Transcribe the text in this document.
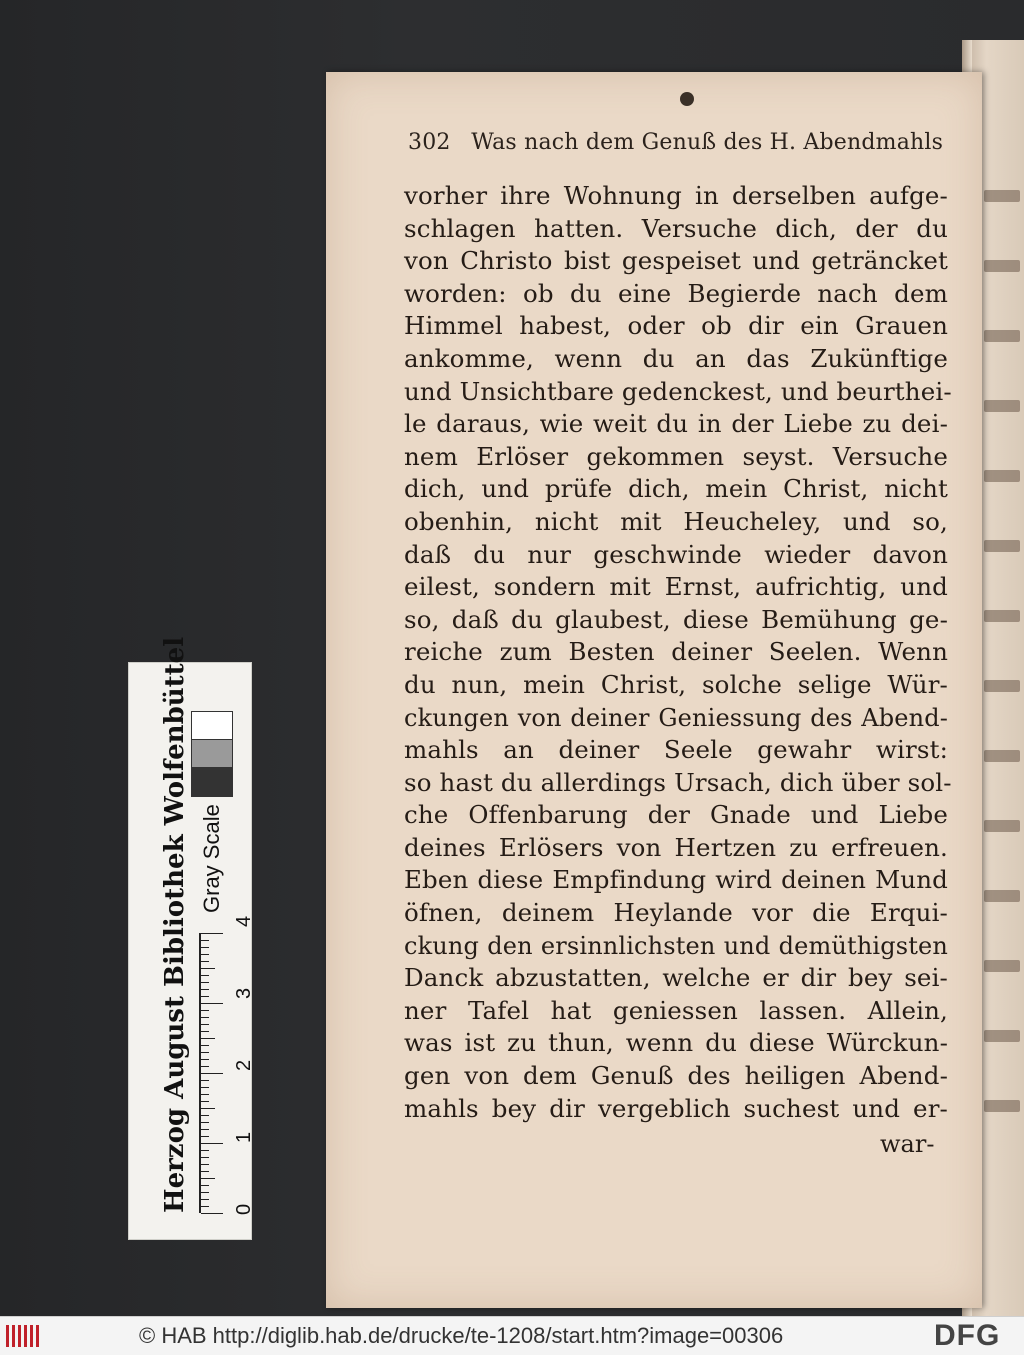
302 Was nach dem Genuß des H. Abendmahls
vorher ihre Wohnung in derselben aufge-
schlagen hatten. Versuche dich, der du
von Christo bist gespeiset und geträncket
worden: ob du eine Begierde nach dem
Himmel habest, oder ob dir ein Grauen
ankomme, wenn du an das Zukünftige
und Unsichtbare gedenckest, und beurthei-
le daraus, wie weit du in der Liebe zu dei-
nem Erlöser gekommen seyst. Versuche
dich, und prüfe dich, mein Christ, nicht
obenhin, nicht mit Heucheley, und so,
daß du nur geschwinde wieder davon
eilest, sondern mit Ernst, aufrichtig, und
so, daß du glaubest, diese Bemühung ge-
reiche zum Besten deiner Seelen. Wenn
du nun, mein Christ, solche selige Wür-
ckungen von deiner Geniessung des Abend-
mahls an deiner Seele gewahr wirst:
so hast du allerdings Ursach, dich über sol-
che Offenbarung der Gnade und Liebe
deines Erlösers von Hertzen zu erfreuen.
Eben diese Empfindung wird deinen Mund
öfnen, deinem Heylande vor die Erqui-
ckung den ersinnlichsten und demüthigsten
Danck abzustatten, welche er dir bey sei-
ner Tafel hat geniessen lassen. Allein,
was ist zu thun, wenn du diese Würckun-
gen von dem Genuß des heiligen Abend-
mahls bey dir vergeblich suchest und er-
war-
Herzog August Bibliothek Wolfenbüttel Gray Scale
0
1
2
3
4
© HAB http://diglib.hab.de/drucke/te-1208/start.htm?image=00306	DFG
